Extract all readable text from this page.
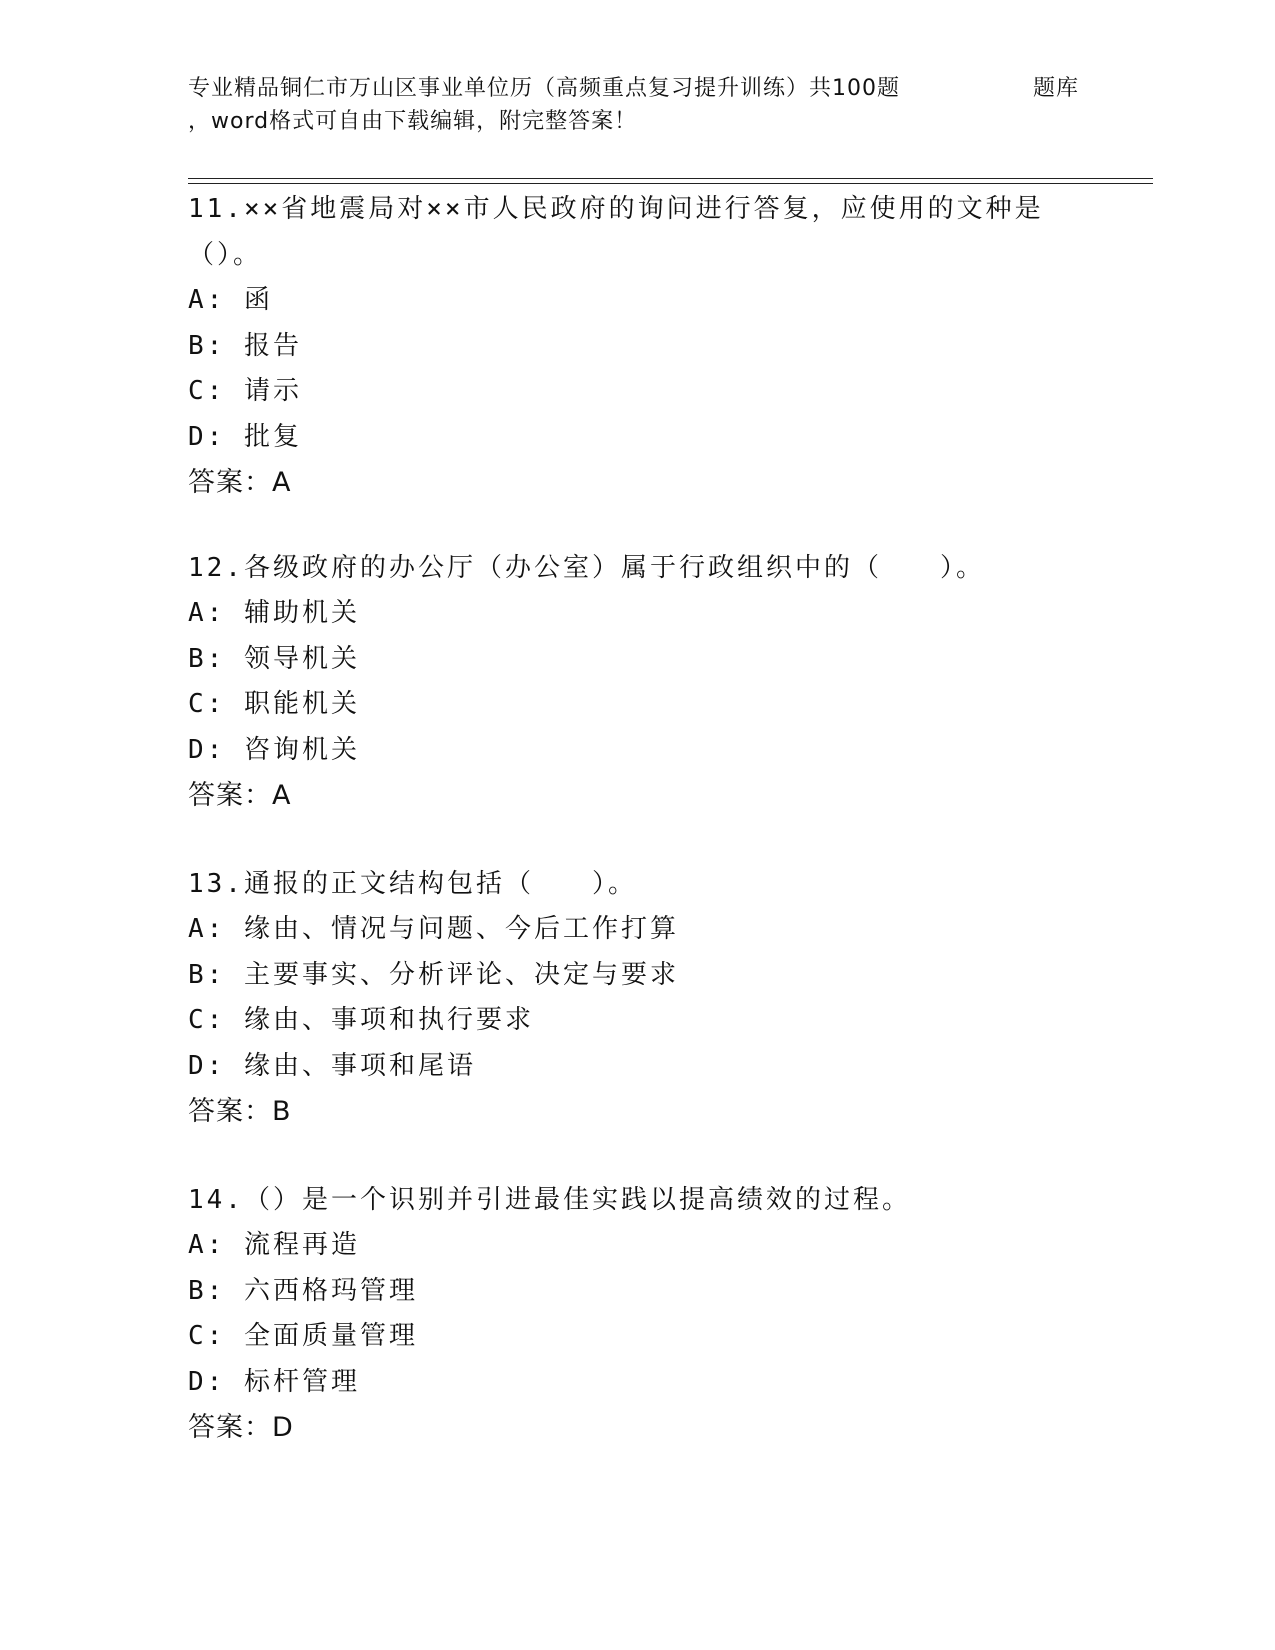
专业精品铜仁市万山区事业单位历（高频重点复习提升训练）共100题	题库
，word格式可自由下载编辑，附完整答案！
11.××省地震局对××市人民政府的询问进行答复，应使用的文种是
（）。
A: 函
B: 报告
C: 请示
D: 批复
答案：A
12.各级政府的办公厅（办公室）属于行政组织中的（　　）。
A: 辅助机关
B: 领导机关
C: 职能机关
D: 咨询机关
答案：A
13.通报的正文结构包括（　　）。
A: 缘由、情况与问题、今后工作打算
B: 主要事实、分析评论、决定与要求
C: 缘由、事项和执行要求
D: 缘由、事项和尾语
答案：B
14.（）是一个识别并引进最佳实践以提高绩效的过程。
A: 流程再造
B: 六西格玛管理
C: 全面质量管理
D: 标杆管理
答案：D
